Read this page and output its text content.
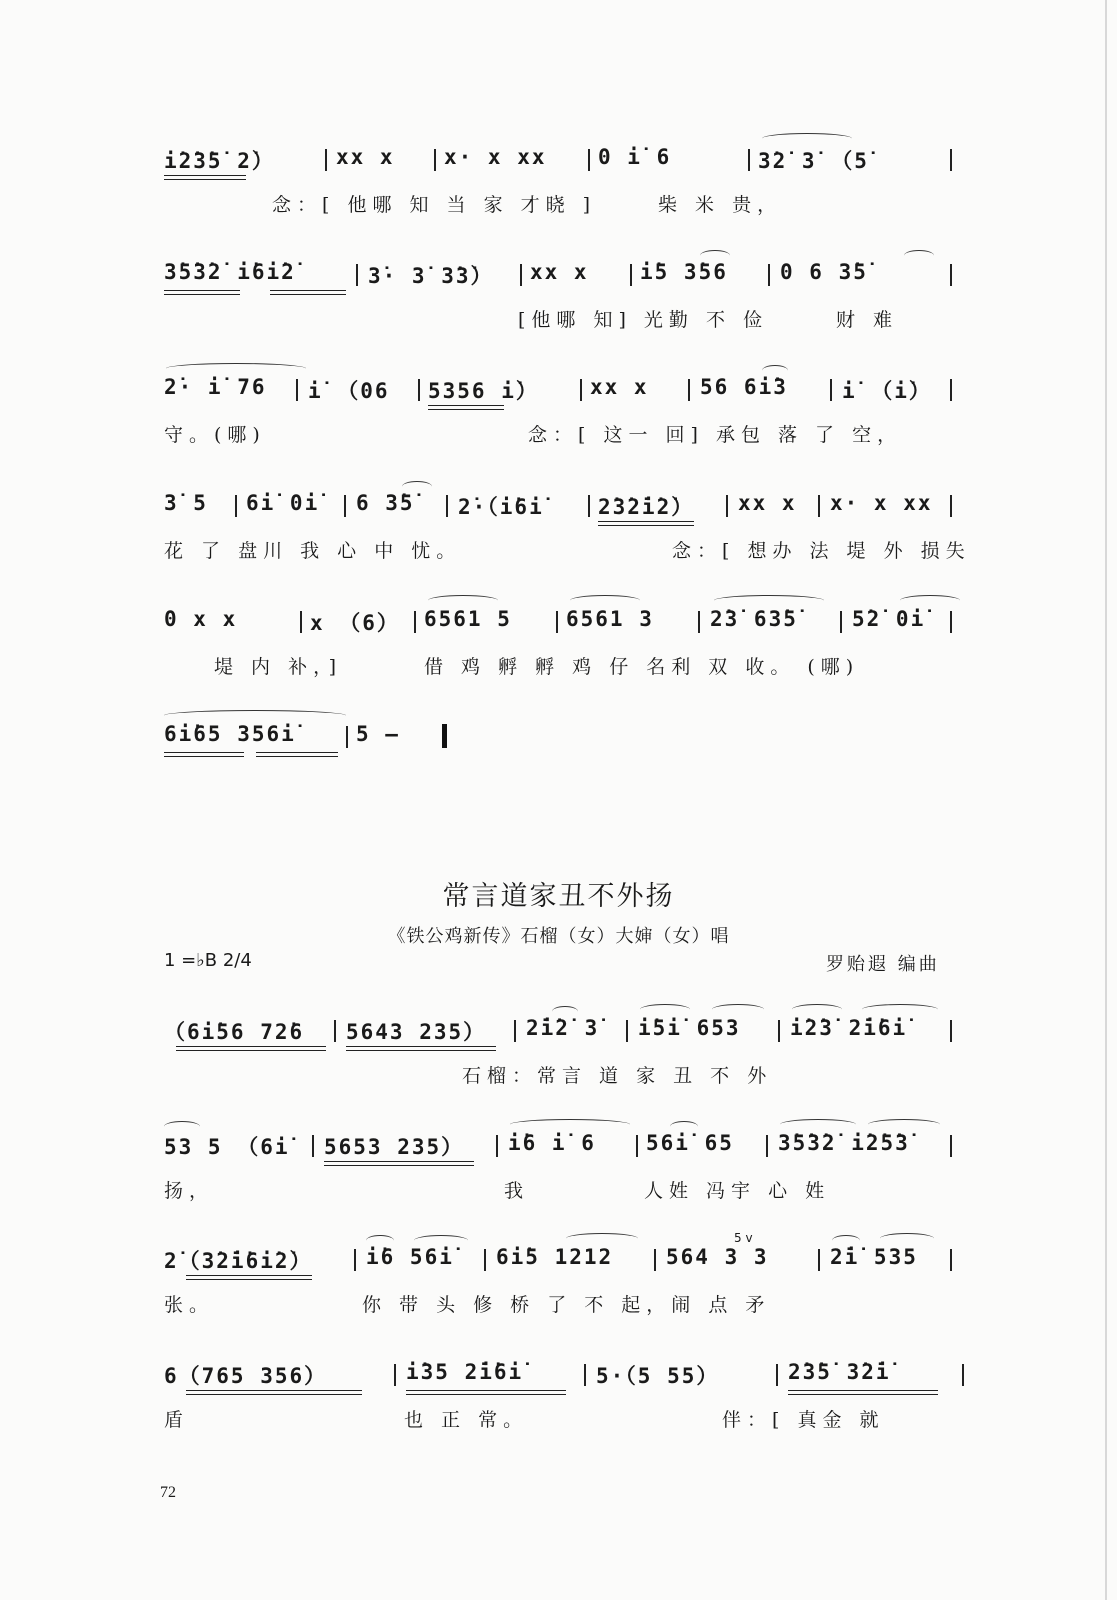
i̇2̇3̇5̇ 2̇）	xx x x· x xx 0 i̇ 6	3̇2̇ 3̇ （5̇
念：[ 他哪 知 当 家 才晓 ]	柴 米 贵，
3̇5̇3̇2̇ i̇6i̇2̇	3̇· 3̇ 3̇3̇） xx x i̇5 3̇56 0 6 3̇5̇
[他哪 知] 光勤 不 俭	财 难
2̇· i̇ 76 i̇ （06 5356 i̇） xx x 56 6i̇3	i̇ （i̇）
守。(哪)	念：[ 这一 回] 承包 落 了 空，
3̇ 5 6i̇ 0i̇ 6 3̇5̇ 2̇·（i̇6i̇	2̇3̇2̇i̇2̇） xx x x· x xx
花 了 盘川 我 心 中 忧。	念：[ 想办 法 堤 外 损失
0 x x	x （6） 6561 5	6561 3	2̇3̇ 63̇5̇	5̇2̇ 0i̇
堤 内 补，]	借 鸡 孵 孵 鸡 仔 名利 双 收。 (哪)
6i̇65 356i̇	5 —
常言道家丑不外扬
《铁公鸡新传》石榴（女）大婶（女）唱
1 =♭B 2/4	罗贻遐 编曲
（6i̇56 72̇6 5643 235） 2̇i̇2̇ 3̇ i̇5i̇ 653 i̇2̇3̇ 2̇i̇6i̇
石榴：常言 道 家 丑 不 外
53 5 （6i̇ 5653 235） i̇6 i̇ 6 56i̇ 65 3̇5̇3̇2̇ i̇2̇5̇3̇
扬，	我	人姓 冯宇 心 姓
5 v
2̇（3̇2̇i̇6i̇2̇）	i̇6 56i̇ 6i̇5 1212	564 3 3	2̇i̇ 535
张。	你 带 头 修 桥 了 不 起，闹 点 矛
6（765 356）	i̇35 2̇i̇6i̇	5·（5 55）	2̇3̇5̇ 3̇2̇i̇
盾	也 正 常。	伴：[ 真金 就
72
